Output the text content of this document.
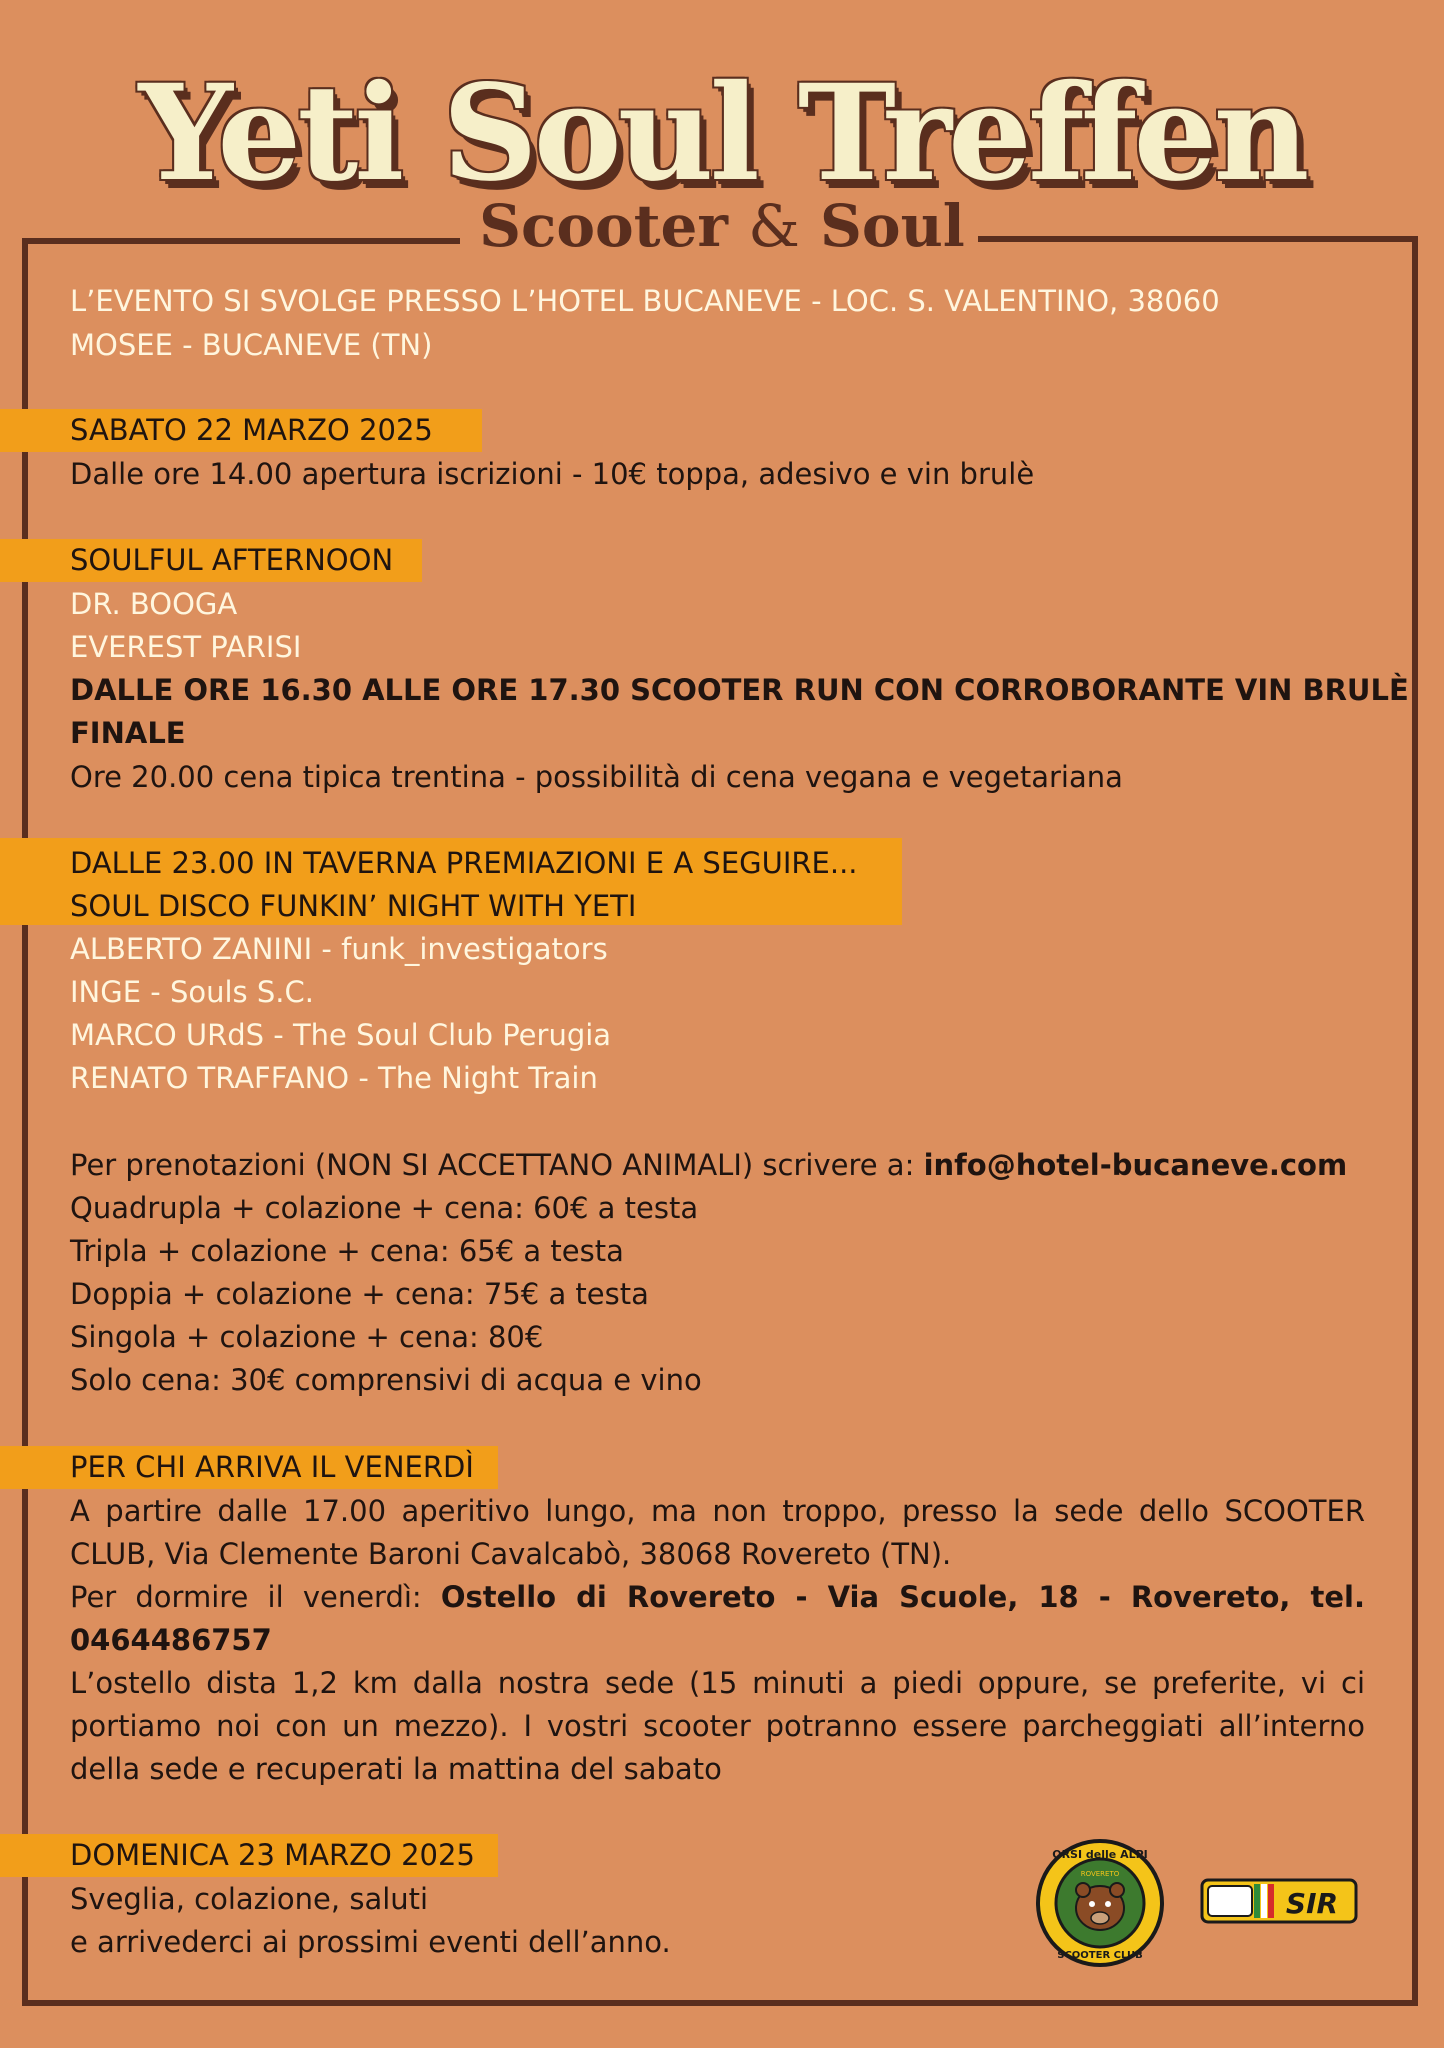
Yeti Soul Treffen
Scooter & Soul
L’EVENTO SI SVOLGE PRESSO L’HOTEL BUCANEVE - LOC. S. VALENTINO, 38060
MOSEE - BUCANEVE (TN)
SABATO 22 MARZO 2025
Dalle ore 14.00 apertura iscrizioni - 10€ toppa, adesivo e vin brulè
SOULFUL AFTERNOON
DR. BOOGA
EVEREST PARISI
DALLE ORE 16.30 ALLE ORE 17.30 SCOOTER RUN CON CORROBORANTE VIN BRULÈ
FINALE
Ore 20.00 cena tipica trentina - possibilità di cena vegana e vegetariana
DALLE 23.00 IN TAVERNA PREMIAZIONI E A SEGUIRE...
SOUL DISCO FUNKIN’ NIGHT WITH YETI
ALBERTO ZANINI - funk_investigators
INGE - Souls S.C.
MARCO URdS - The Soul Club Perugia
RENATO TRAFFANO - The Night Train
Per prenotazioni (NON SI ACCETTANO ANIMALI) scrivere a: info@hotel-bucaneve.com
Quadrupla + colazione + cena: 60€ a testa
Tripla + colazione + cena: 65€ a testa
Doppia + colazione + cena: 75€ a testa
Singola + colazione + cena: 80€
Solo cena: 30€ comprensivi di acqua e vino
PER CHI ARRIVA IL VENERDÌ
A partire dalle 17.00 aperitivo lungo, ma non troppo, presso la sede dello SCOOTER
CLUB, Via Clemente Baroni Cavalcabò, 38068 Rovereto (TN).
Per dormire il venerdì: Ostello di Rovereto - Via Scuole, 18 - Rovereto, tel.
0464486757
L’ostello dista 1,2 km dalla nostra sede (15 minuti a piedi oppure, se preferite, vi ci
portiamo noi con un mezzo). I vostri scooter potranno essere parcheggiati all’interno
della sede e recuperati la mattina del sabato
DOMENICA 23 MARZO 2025
Sveglia, colazione, saluti
e arrivederci ai prossimi eventi dell’anno.
ORSI delle ALPI
ROVERETO
SCOOTER CLUB
SIR
